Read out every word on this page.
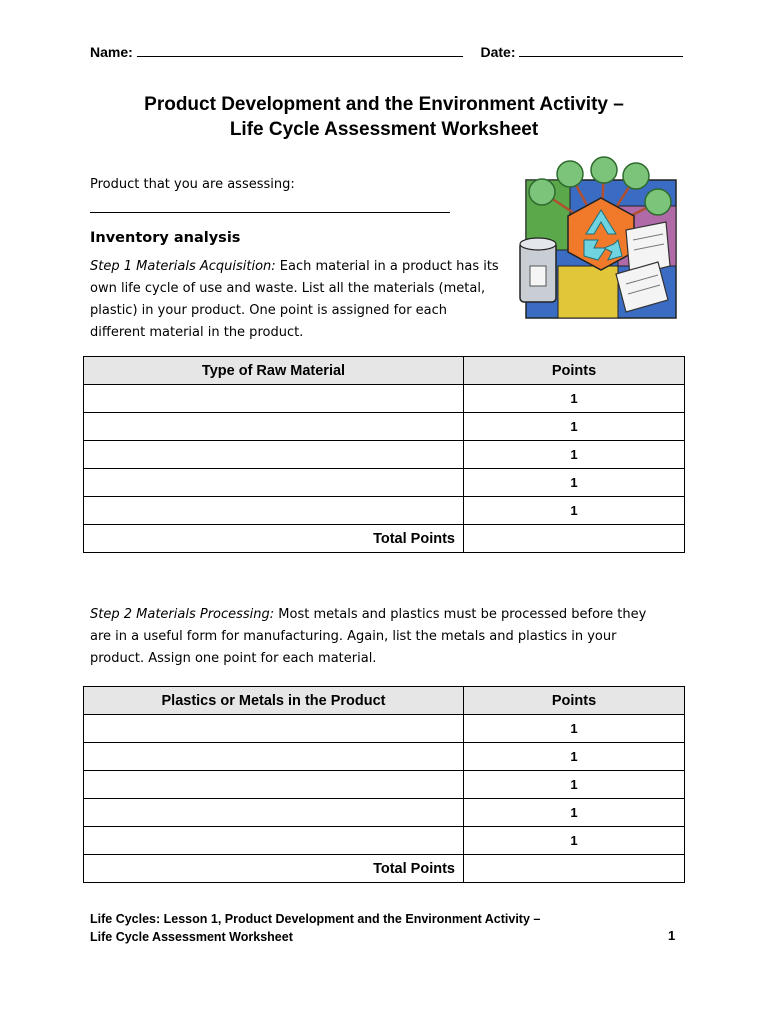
Name:	Date:
Product Development and the Environment Activity –
Life Cycle Assessment Worksheet
Product that you are assessing:
Inventory analysis
Step 1 Materials Acquisition: Each material in a product has its own life cycle of use and waste. List all the materials (metal, plastic) in your product. One point is assigned for each different material in the product.
Type of Raw Material	Points
	1
	1
	1
	1
	1
Total Points	
Step 2 Materials Processing: Most metals and plastics must be processed before they are in a useful form for manufacturing. Again, list the metals and plastics in your product. Assign one point for each material.
Plastics or Metals in the Product	Points
	1
	1
	1
	1
	1
Total Points	
Life Cycles: Lesson 1, Product Development and the Environment Activity –
Life Cycle Assessment Worksheet	1
